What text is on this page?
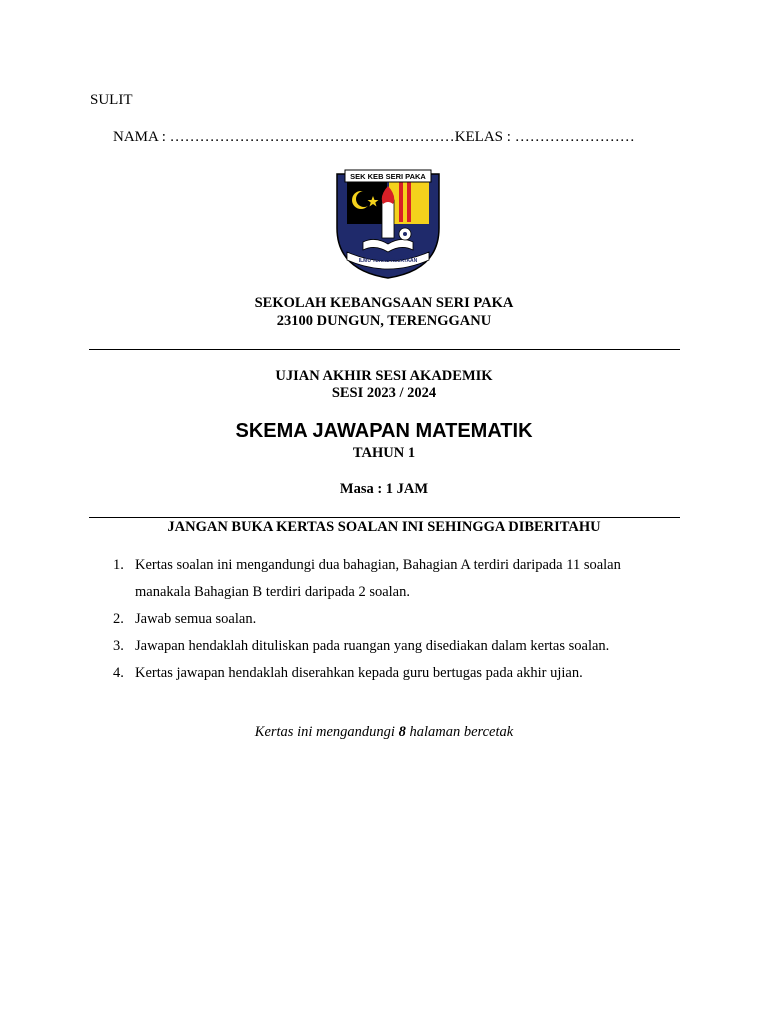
SULIT
NAMA : …………………………………………………KELAS : ……………………
SEK KEB SERI PAKA
ILMU TERAS KEJAYAAN
SEKOLAH KEBANGSAAN SERI PAKA
23100 DUNGUN, TERENGGANU
UJIAN AKHIR SESI AKADEMIK
SESI 2023 / 2024
SKEMA JAWAPAN MATEMATIK
TAHUN 1
Masa : 1 JAM
JANGAN BUKA KERTAS SOALAN INI SEHINGGA DIBERITAHU
1. Kertas soalan ini mengandungi dua bahagian, Bahagian A terdiri daripada 11 soalan manakala Bahagian B terdiri daripada 2 soalan.
2. Jawab semua soalan.
3. Jawapan hendaklah dituliskan pada ruangan yang disediakan dalam kertas soalan.
4. Kertas jawapan hendaklah diserahkan kepada guru bertugas pada akhir ujian.
Kertas ini mengandungi 8 halaman bercetak
